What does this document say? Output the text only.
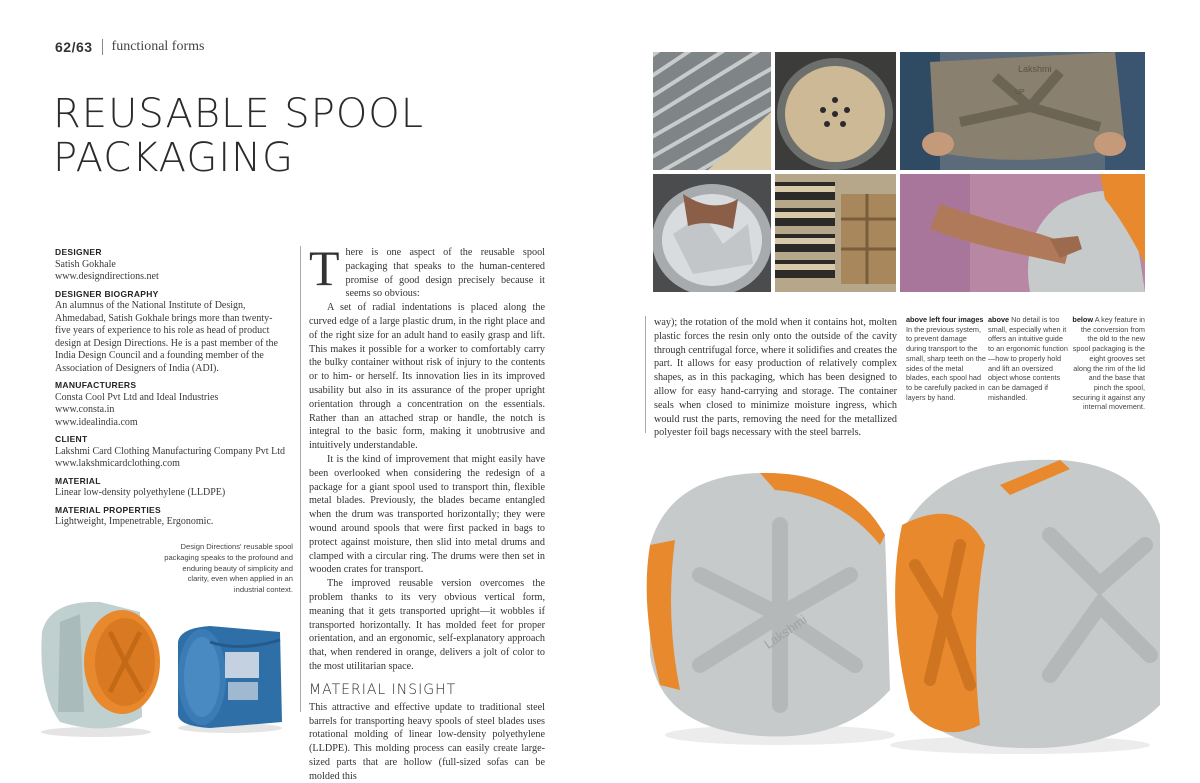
62/63 functional forms
REUSABLE SPOOL PACKAGING
DESIGNER
Satish Gokhale
www.designdirections.net
DESIGNER BIOGRAPHY
An alumnus of the National Institute of Design,
Ahmedabad, Satish Gokhale brings more than twenty-
five years of experience to his role as head of product
design at Design Directions. He is a past member of the
India Design Council and a founding member of the
Association of Designers of India (ADI).
MANUFACTURERS
Consta Cool Pvt Ltd and Ideal Industries
www.consta.in
www.idealindia.com
CLIENT
Lakshmi Card Clothing Manufacturing Company Pvt Ltd
www.lakshmicardclothing.com
MATERIAL
Linear low-density polyethylene (LLDPE)
MATERIAL PROPERTIES
Lightweight, Impenetrable, Ergonomic.
Design Directions' reusable spool packaging speaks to the profound and enduring beauty of simplicity and clarity, even when applied in an industrial context.

There is one aspect of the reusable spool packaging that speaks to the human-centered promise of good design precisely because it seems so obvious:

A set of radial indentations is placed along the curved edge of a large plastic drum, in the right place and of the right size for an adult hand to easily grasp and lift. This makes it possible for a worker to comfortably carry the bulky container without risk of injury to the contents or to him- or herself. Its innovation lies in its improved usability but also in its assurance of the proper upright orientation through a concentration on the essentials. Rather than an attached strap or handle, the notch is integral to the basic form, making it unobtrusive and intuitively understandable.

It is the kind of improvement that might easily have been overlooked when considering the redesign of a package for a giant spool used to transport thin, flexible metal blades. Previously, the blades became entangled when the drum was transported horizontally; they were wound around spools that were first packed in bags to protect against moisture, then slid into metal drums and clamped with a circular ring. The drums were then set in wooden crates for transport.

The improved reusable version overcomes the problem thanks to its very obvious vertical form, meaning that it gets transported upright—it wobbles if transported horizontally. It has molded feet for proper orientation, and an ergonomic, self-explanatory approach that, when rendered in orange, delivers a jolt of color to the most utilitarian space.

MATERIAL INSIGHT

This attractive and effective update to traditional steel barrels for transporting heavy spools of steel blades uses rotational molding of linear low-density polyethylene (LLDPE). This molding process can easily create large-sized parts that are hollow (full-sized sofas can be molded this

Lakshmi
UP

way); the rotation of the mold when it contains hot, molten plastic forces the resin only onto the outside of the cavity through centrifugal force, where it solidifies and creates the part. It allows for easy production of relatively complex shapes, as in this packaging, which has been designed to allow for easy hand-carrying and storage. The container seals when closed to minimize moisture ingress, which would rust the parts, removing the need for the metallized polyester foil bags necessary with the steel barrels.

above left four images In the previous system, to prevent damage during transport to the small, sharp teeth on the sides of the metal blades, each spool had to be carefully packed in layers by hand.
above No detail is too small, especially when it offers an intuitive guide to an ergonomic function—how to properly hold and lift an oversized object whose contents can be damaged if mishandled.
below A key feature in the conversion from the old to the new spool packaging is the eight grooves set along the rim of the lid and the base that pinch the spool, securing it against any internal movement.
Lakshmi
